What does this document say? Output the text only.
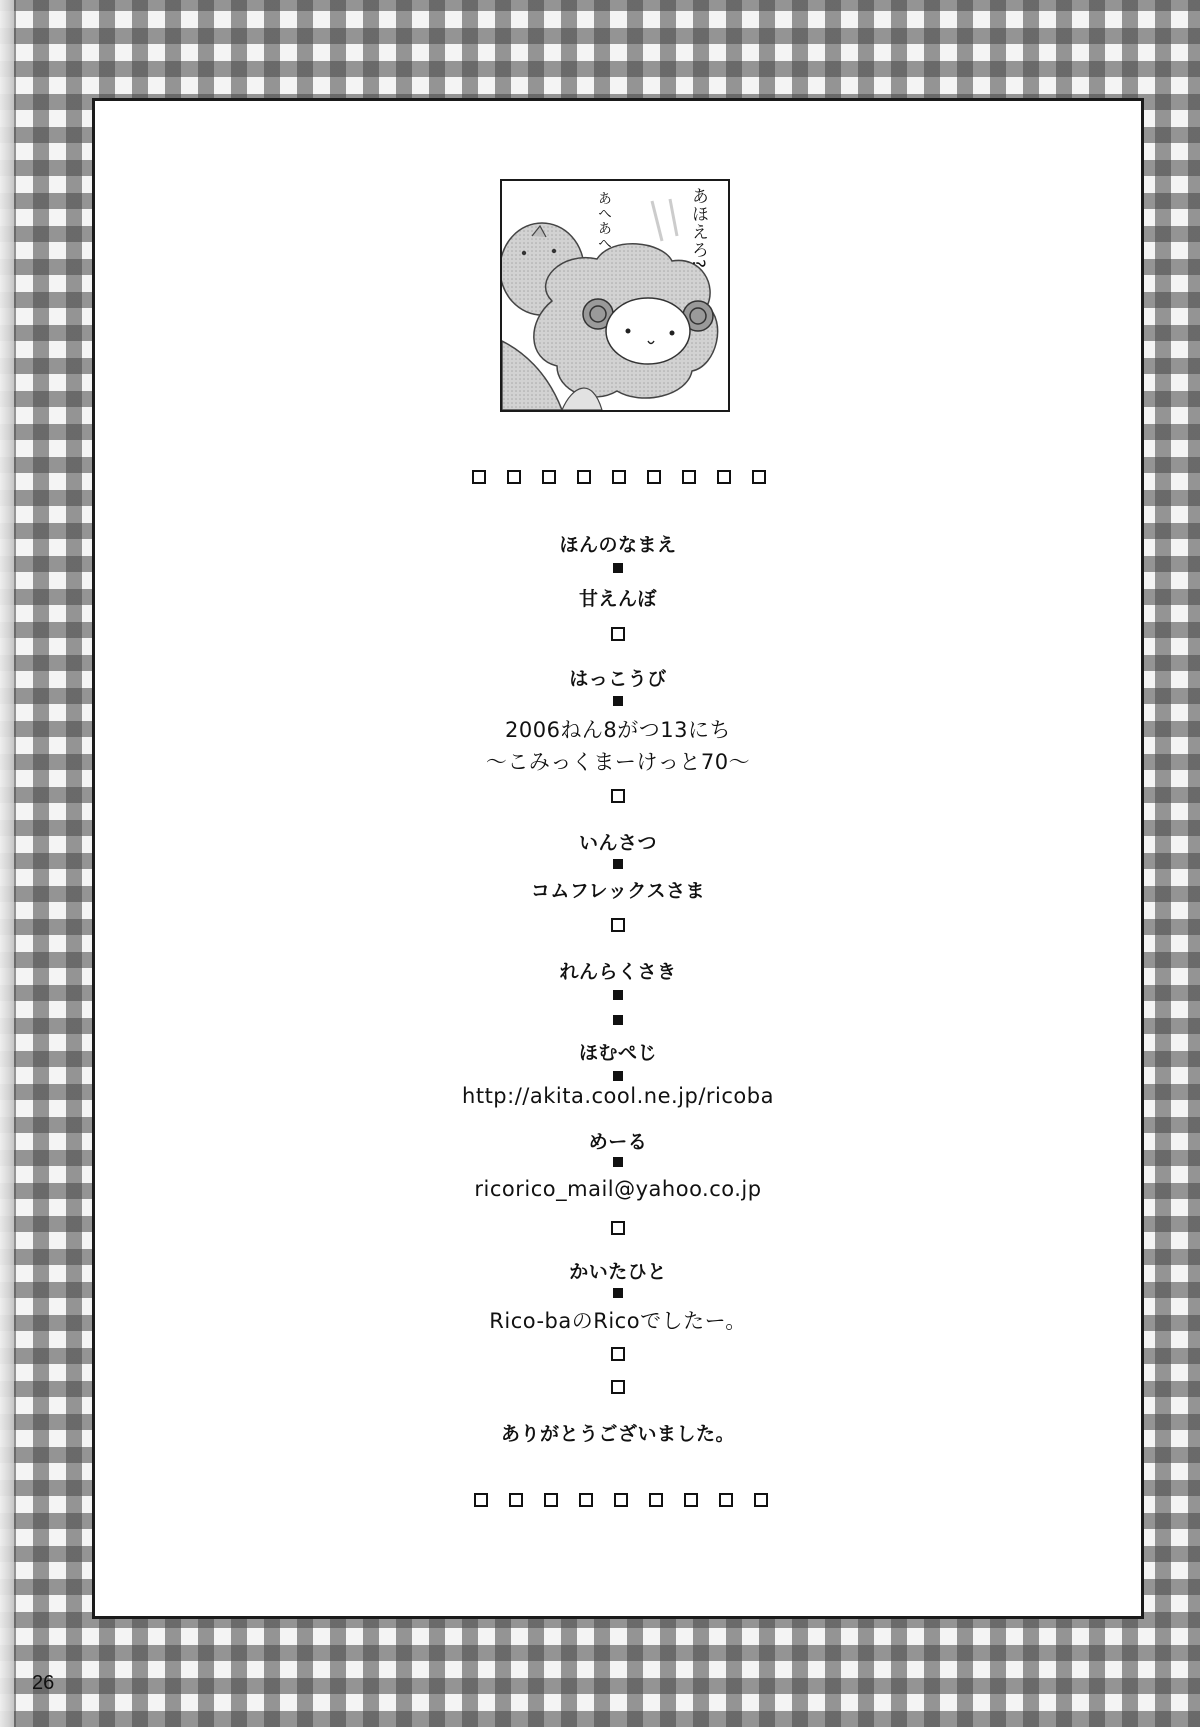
あほえろ?
あへあへ
ほんのなまえ
甘えんぼ
はっこうび
2006ねん8がつ13にち
〜こみっくまーけっと70〜
いんさつ
コムフレックスさま
れんらくさき
ほむぺじ
http://akita.cool.ne.jp/ricoba
めーる
ricorico_mail@yahoo.co.jp
かいたひと
Rico-baのRicoでしたー。
ありがとうございました。
26
